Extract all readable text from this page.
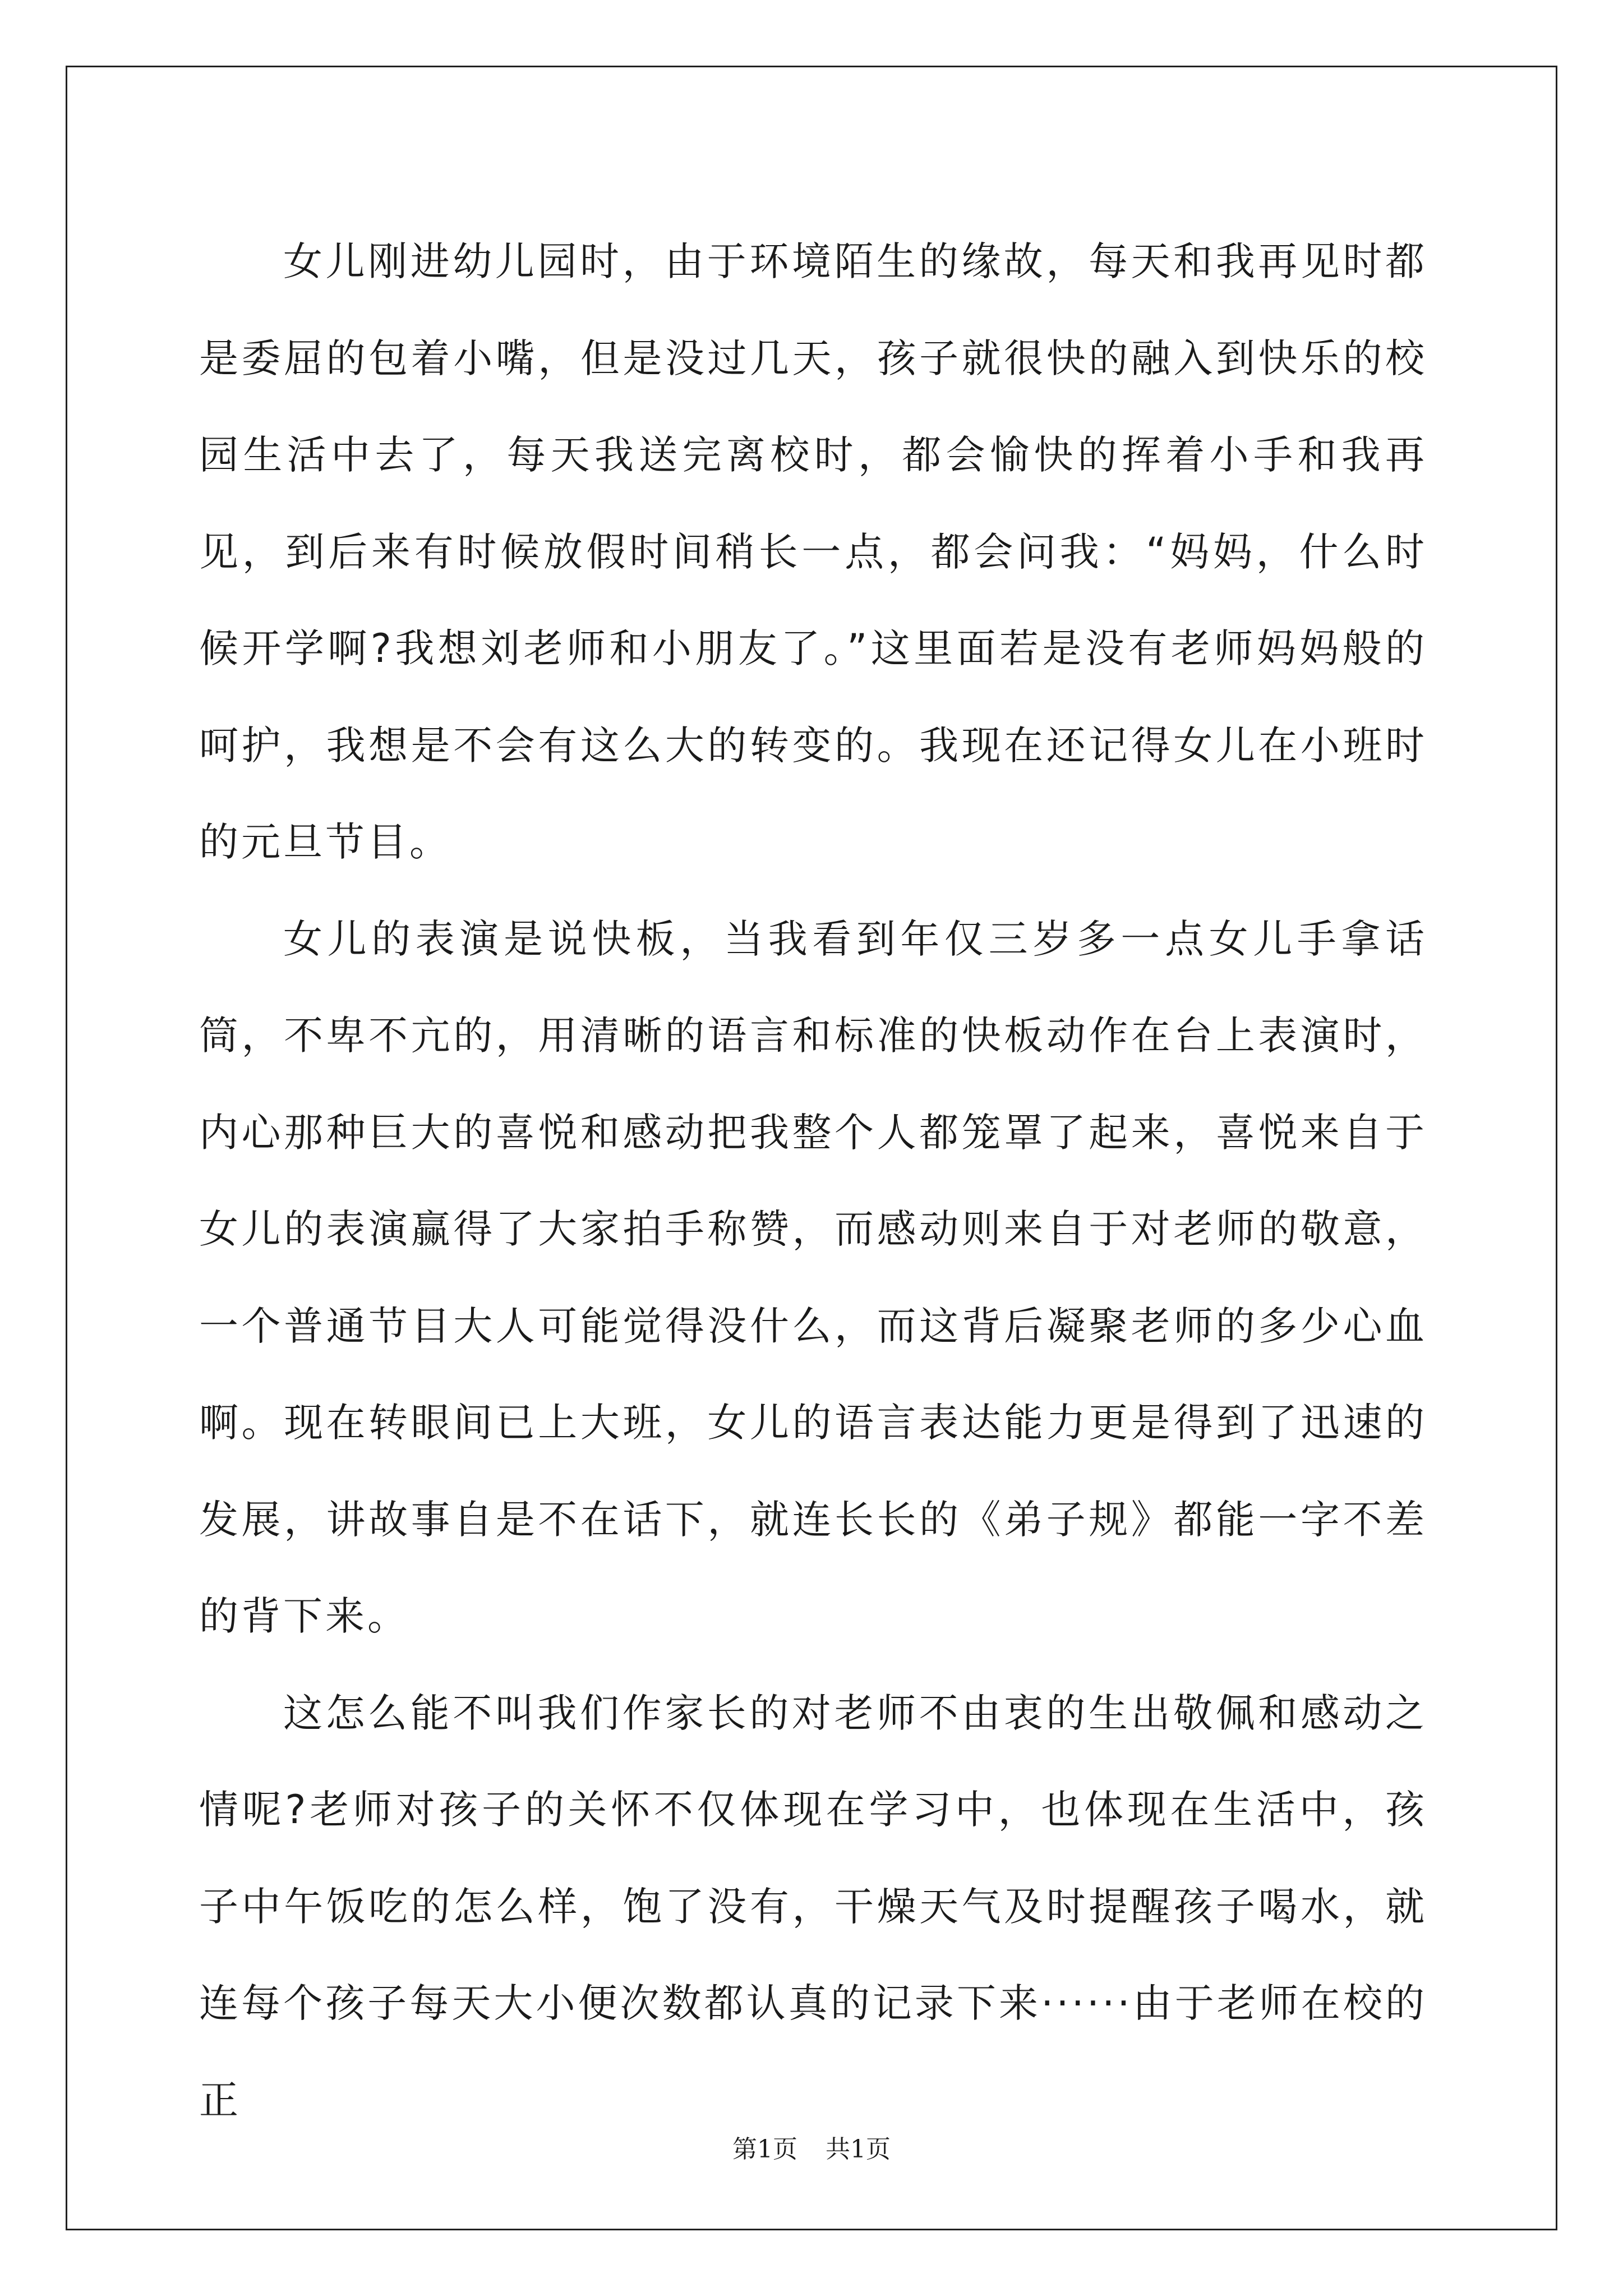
女儿刚进幼儿园时，由于环境陌生的缘故，每天和我再见时都是委屈的包着小嘴，但是没过几天，孩子就很快的融入到快乐的校园生活中去了，每天我送完离校时，都会愉快的挥着小手和我再见，到后来有时候放假时间稍长一点，都会问我：“妈妈，什么时候开学啊?我想刘老师和小朋友了。”这里面若是没有老师妈妈般的呵护，我想是不会有这么大的转变的。我现在还记得女儿在小班时的元旦节目。

女儿的表演是说快板，当我看到年仅三岁多一点女儿手拿话筒，不卑不亢的，用清晰的语言和标准的快板动作在台上表演时，内心那种巨大的喜悦和感动把我整个人都笼罩了起来，喜悦来自于女儿的表演赢得了大家拍手称赞，而感动则来自于对老师的敬意，一个普通节目大人可能觉得没什么，而这背后凝聚老师的多少心血啊。现在转眼间已上大班，女儿的语言表达能力更是得到了迅速的发展，讲故事自是不在话下，就连长长的《弟子规》都能一字不差的背下来。

这怎么能不叫我们作家长的对老师不由衷的生出敬佩和感动之情呢?老师对孩子的关怀不仅体现在学习中，也体现在生活中，孩子中午饭吃的怎么样，饱了没有，干燥天气及时提醒孩子喝水，就连每个孩子每天大小便次数都认真的记录下来······由于老师在校的正

第1页 共1页
